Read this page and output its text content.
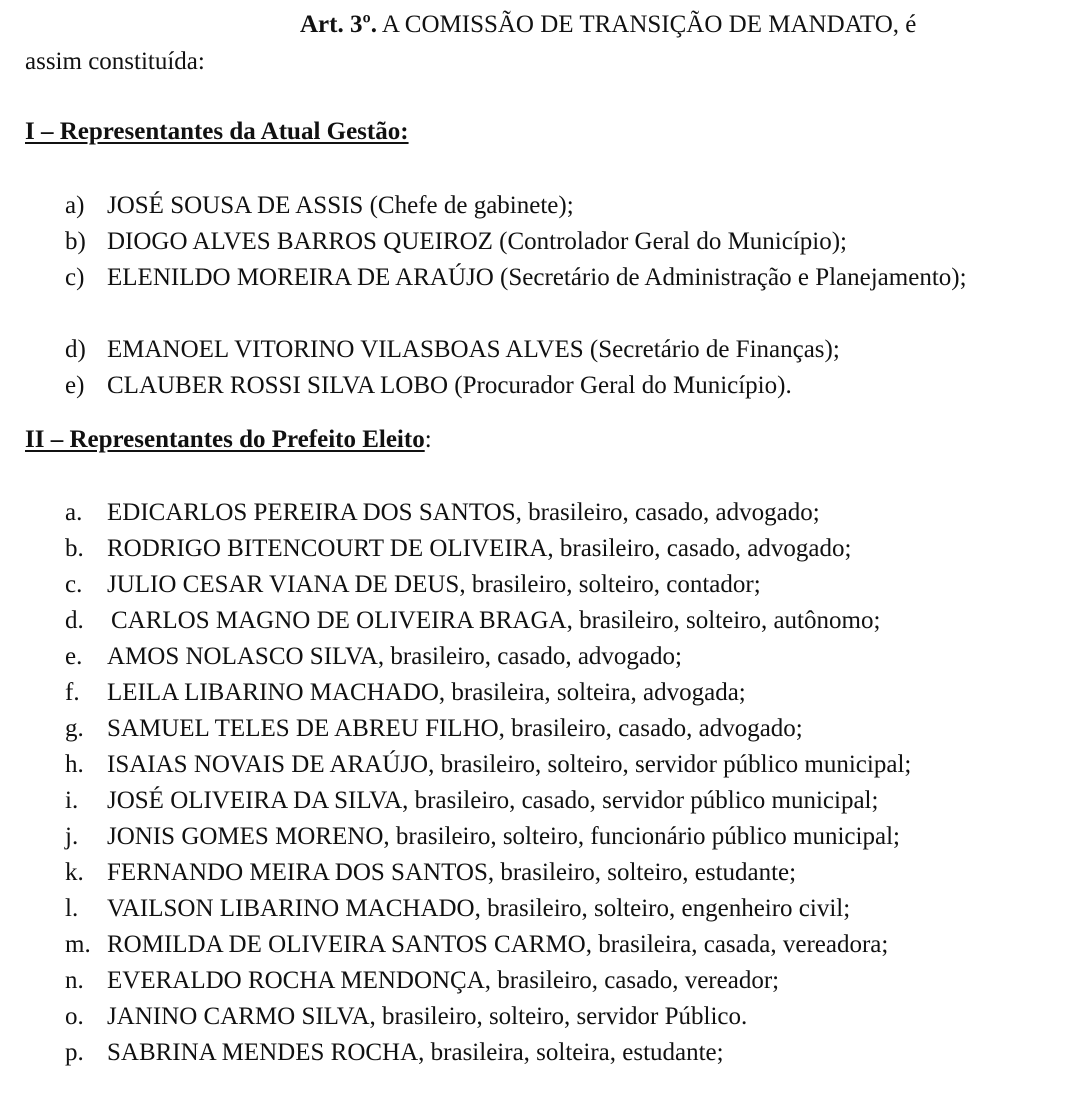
Art. 3º. A COMISSÃO DE TRANSIÇÃO DE MANDATO, é
assim constituída:
I – Representantes da Atual Gestão:
a) JOSÉ SOUSA DE ASSIS (Chefe de gabinete);
b) DIOGO ALVES BARROS QUEIROZ (Controlador Geral do Município);
c) ELENILDO MOREIRA DE ARAÚJO (Secretário de Administração e Planejamento);
d) EMANOEL VITORINO VILASBOAS ALVES (Secretário de Finanças);
e) CLAUBER ROSSI SILVA LOBO (Procurador Geral do Município).
II – Representantes do Prefeito Eleito:
a. EDICARLOS PEREIRA DOS SANTOS, brasileiro, casado, advogado;
b. RODRIGO BITENCOURT DE OLIVEIRA, brasileiro, casado, advogado;
c. JULIO CESAR VIANA DE DEUS, brasileiro, solteiro, contador;
d. CARLOS MAGNO DE OLIVEIRA BRAGA, brasileiro, solteiro, autônomo;
e. AMOS NOLASCO SILVA, brasileiro, casado, advogado;
f. LEILA LIBARINO MACHADO, brasileira, solteira, advogada;
g. SAMUEL TELES DE ABREU FILHO, brasileiro, casado, advogado;
h. ISAIAS NOVAIS DE ARAÚJO, brasileiro, solteiro, servidor público municipal;
i. JOSÉ OLIVEIRA DA SILVA, brasileiro, casado, servidor público municipal;
j. JONIS GOMES MORENO, brasileiro, solteiro, funcionário público municipal;
k. FERNANDO MEIRA DOS SANTOS, brasileiro, solteiro, estudante;
l. VAILSON LIBARINO MACHADO, brasileiro, solteiro, engenheiro civil;
m. ROMILDA DE OLIVEIRA SANTOS CARMO, brasileira, casada, vereadora;
n. EVERALDO ROCHA MENDONÇA, brasileiro, casado, vereador;
o. JANINO CARMO SILVA, brasileiro, solteiro, servidor Público.
p. SABRINA MENDES ROCHA, brasileira, solteira, estudante;
